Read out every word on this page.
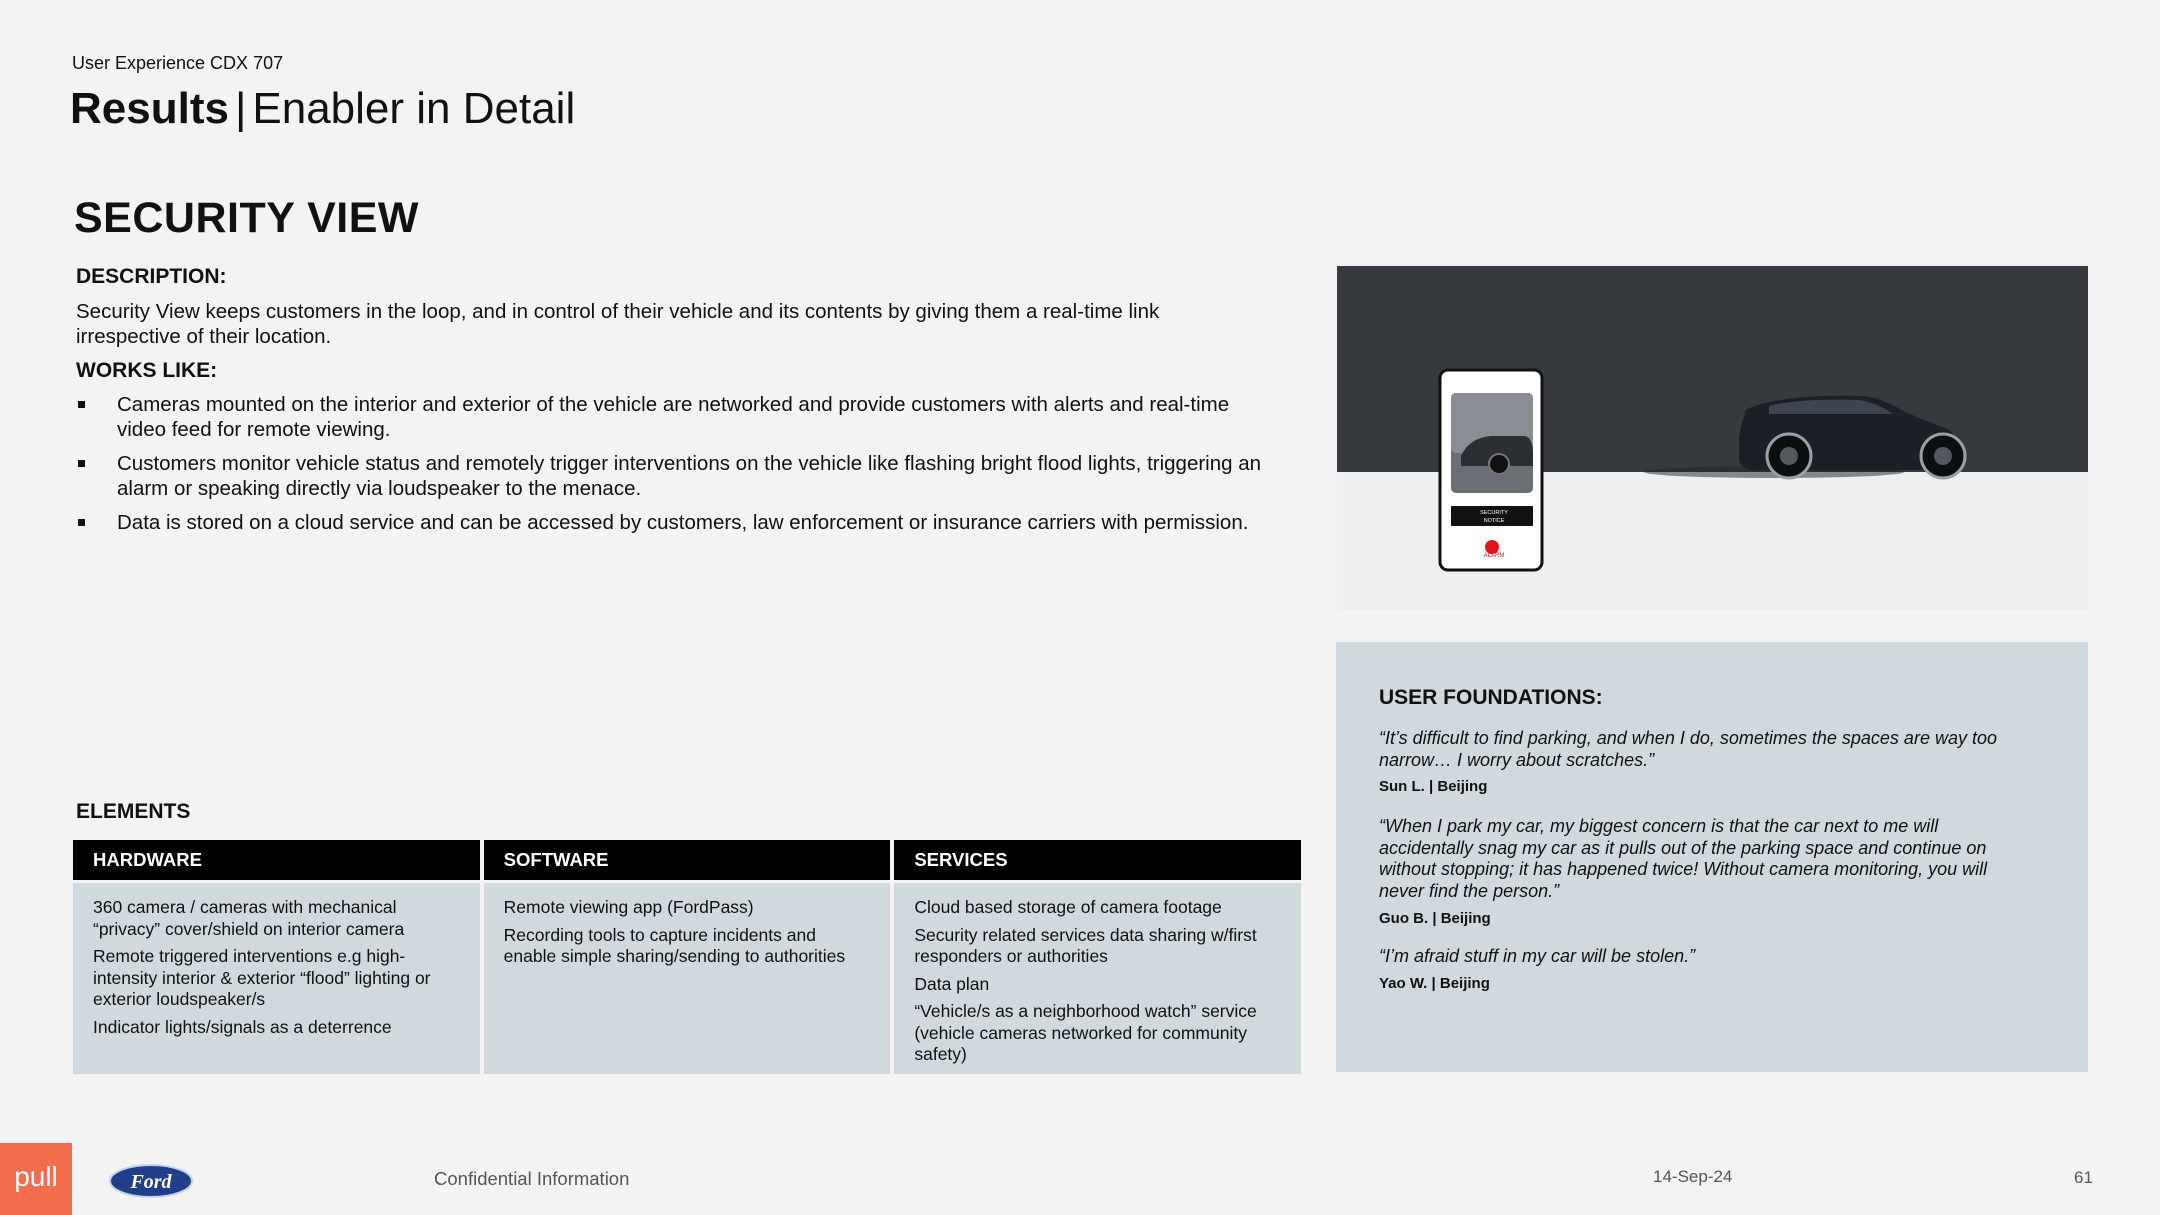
User Experience CDX 707
Results | Enabler in Detail
SECURITY VIEW
DESCRIPTION:
Security View keeps customers in the loop, and in control of their vehicle and its contents by giving them a real-time link irrespective of their location.
WORKS LIKE:
Cameras mounted on the interior and exterior of the vehicle are networked and provide customers with alerts and real-time video feed for remote viewing.
Customers monitor vehicle status and remotely trigger interventions on the vehicle like flashing bright flood lights, triggering an alarm or speaking directly via loudspeaker to the menace.
Data is stored on a cloud service and can be accessed by customers, law enforcement or insurance carriers with permission.
ELEMENTS
HARDWARE
360 camera / cameras with mechanical “privacy” cover/shield on interior camera
Remote triggered interventions e.g high-intensity interior & exterior “flood” lighting or exterior loudspeaker/s
Indicator lights/signals as a deterrence
SOFTWARE
Remote viewing app (FordPass)
Recording tools to capture incidents and enable simple sharing/sending to authorities
SERVICES
Cloud based storage of camera footage
Security related services data sharing w/first responders or authorities
Data plan
“Vehicle/s as a neighborhood watch” service (vehicle cameras networked for community safety)
SECURITY
NOTICE
ALARM
USER FOUNDATIONS:
“It’s difficult to find parking, and when I do, sometimes the spaces are way too narrow… I worry about scratches.”
Sun L. | Beijing
“When I park my car, my biggest concern is that the car next to me will accidentally snag my car as it pulls out of the parking space and continue on without stopping; it has happened twice! Without camera monitoring, you will never find the person.”
Guo B. | Beijing
“I’m afraid stuff in my car will be stolen.”
Yao W. | Beijing
pull	Ford	Confidential Information	14-Sep-24	61
